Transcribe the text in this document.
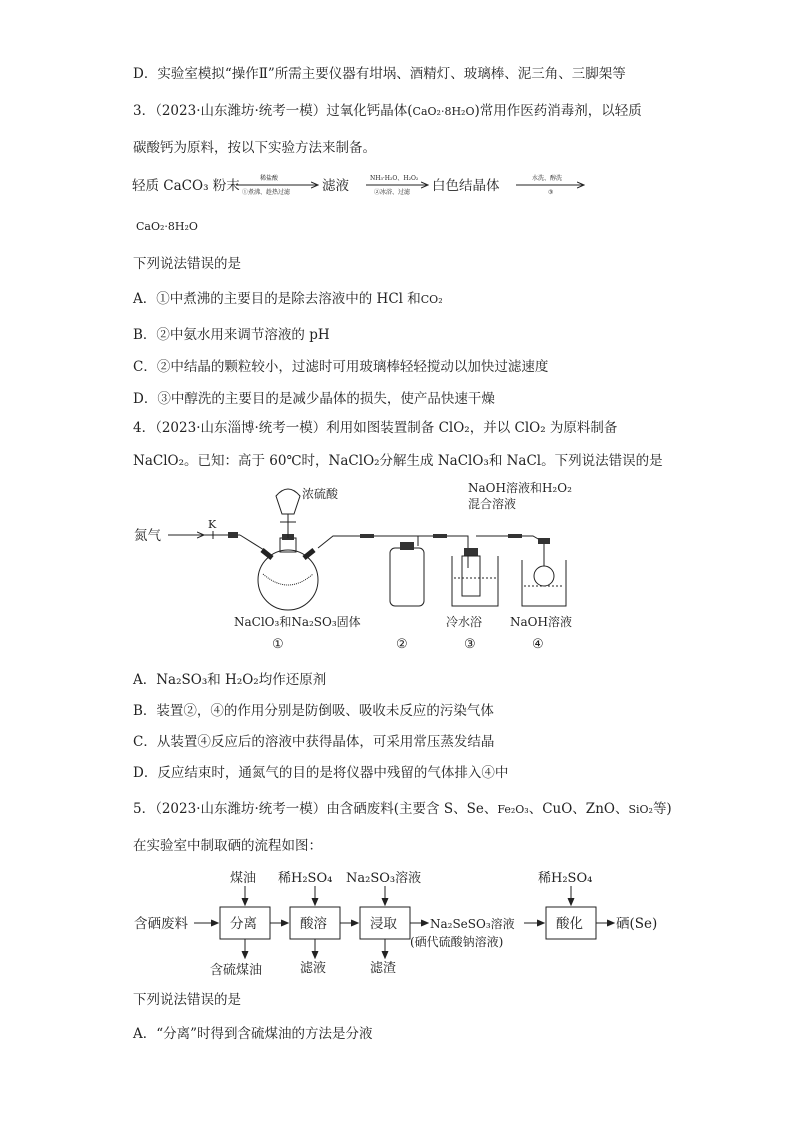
D．实验室模拟“操作Ⅱ”所需主要仪器有坩埚、酒精灯、玻璃棒、泥三角、三脚架等
3．（2023·山东潍坊·统考一模）过氧化钙晶体(CaO₂·8H₂O)常用作医药消毒剂，以轻质
碳酸钙为原料，按以下实验方法来制备。
轻质 CaCO₃ 粉末	稀盐酸
①煮沸、趁热过滤 滤液	NH₃·H₂O、H₂O₂
②冰浴、过滤 白色结晶体	水洗、醇洗
③
CaO₂·8H₂O
下列说法错误的是
A．①中煮沸的主要目的是除去溶液中的 HCl 和CO₂
B．②中氨水用来调节溶液的 pH
C．②中结晶的颗粒较小，过滤时可用玻璃棒轻轻搅动以加快过滤速度
D．③中醇洗的主要目的是减少晶体的损失，使产品快速干燥
4．（2023·山东淄博·统考一模）利用如图装置制备 ClO₂，并以 ClO₂ 为原料制备
NaClO₂。已知：高于 60℃时，NaClO₂分解生成 NaClO₃和 NaCl。下列说法错误的是
氮气
K
浓硫酸	NaOH溶液和H₂O₂
混合溶液
NaClO₃和Na₂SO₃固体	冷水浴 NaOH溶液
①	②	③	④
A．Na₂SO₃和 H₂O₂均作还原剂
B．装置②，④的作用分别是防倒吸、吸收未反应的污染气体
C．从装置④反应后的溶液中获得晶体，可采用常压蒸发结晶
D．反应结束时，通氮气的目的是将仪器中残留的气体排入④中
5．（2023·山东潍坊·统考一模）由含硒废料(主要含 S、Se、Fe₂O₃、CuO、ZnO、SiO₂等)
在实验室中制取硒的流程如图：
含硒废料	分离	酸溶	浸取	Na₂SeSO₃溶液
(硒代硫酸钠溶液)
酸化 硒(Se)
煤油 稀H₂SO₄ Na₂SO₃溶液	稀H₂SO₄
含硫煤油	滤液	滤渣
下列说法错误的是
A．“分离”时得到含硫煤油的方法是分液
